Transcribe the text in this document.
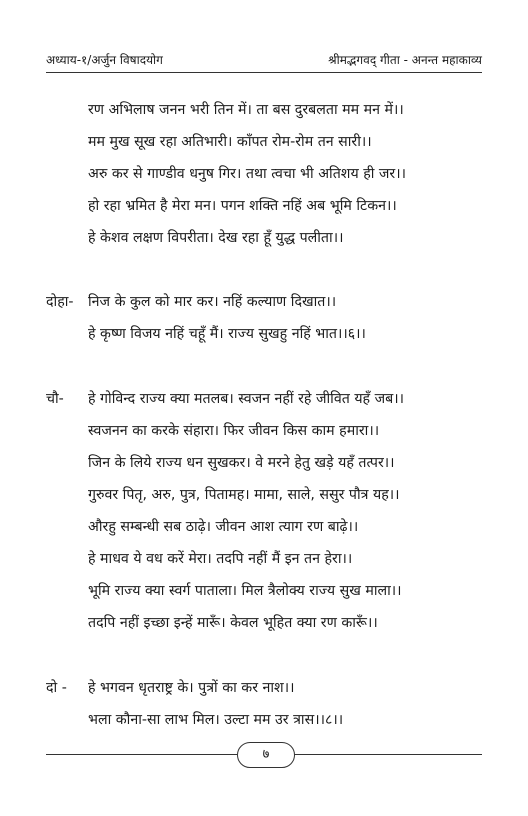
अध्याय-१/अर्जुन विषादयोग	श्रीमद्भगवद् गीता - अनन्त महाकाव्य
रण अभिलाष जनन भरी तिन में। ता बस दुरबलता मम मन में।।
मम मुख सूख रहा अतिभारी। काँपत रोम-रोम तन सारी।।
अरु कर से गाण्डीव धनुष गिर। तथा त्वचा भी अतिशय ही जर।।
हो रहा भ्रमित है मेरा मन। पगन शक्ति नहिं अब भूमि टिकन।।
हे केशव लक्षण विपरीता। देख रहा हूँ युद्ध पलीता।।
दोहा- निज के कुल को मार कर। नहिं कल्याण दिखात।।
हे कृष्ण विजय नहिं चहूँ मैं। राज्य सुखहु नहिं भात।।६।।
चौ- हे गोविन्द राज्य क्या मतलब। स्वजन नहीं रहे जीवित यहँ जब।।
स्वजनन का करके संहारा। फिर जीवन किस काम हमारा।।
जिन के लिये राज्य धन सुखकर। वे मरने हेतु खड़े यहँ तत्पर।।
गुरुवर पितृ, अरु, पुत्र, पितामह। मामा, साले, ससुर पौत्र यह।।
औरहु सम्बन्धी सब ठाढ़े। जीवन आश त्याग रण बाढ़े।।
हे माधव ये वध करें मेरा। तदपि नहीं मैं इन तन हेरा।।
भूमि राज्य क्या स्वर्ग पाताला। मिल त्रैलोक्य राज्य सुख माला।।
तदपि नहीं इच्छा इन्हें मारूँ। केवल भूहित क्या रण कारूँ।।
दो - हे भगवन धृतराष्ट्र के। पुत्रों का कर नाश।।
भला कौना-सा लाभ मिल। उल्टा मम उर त्रास।।८।।
७
